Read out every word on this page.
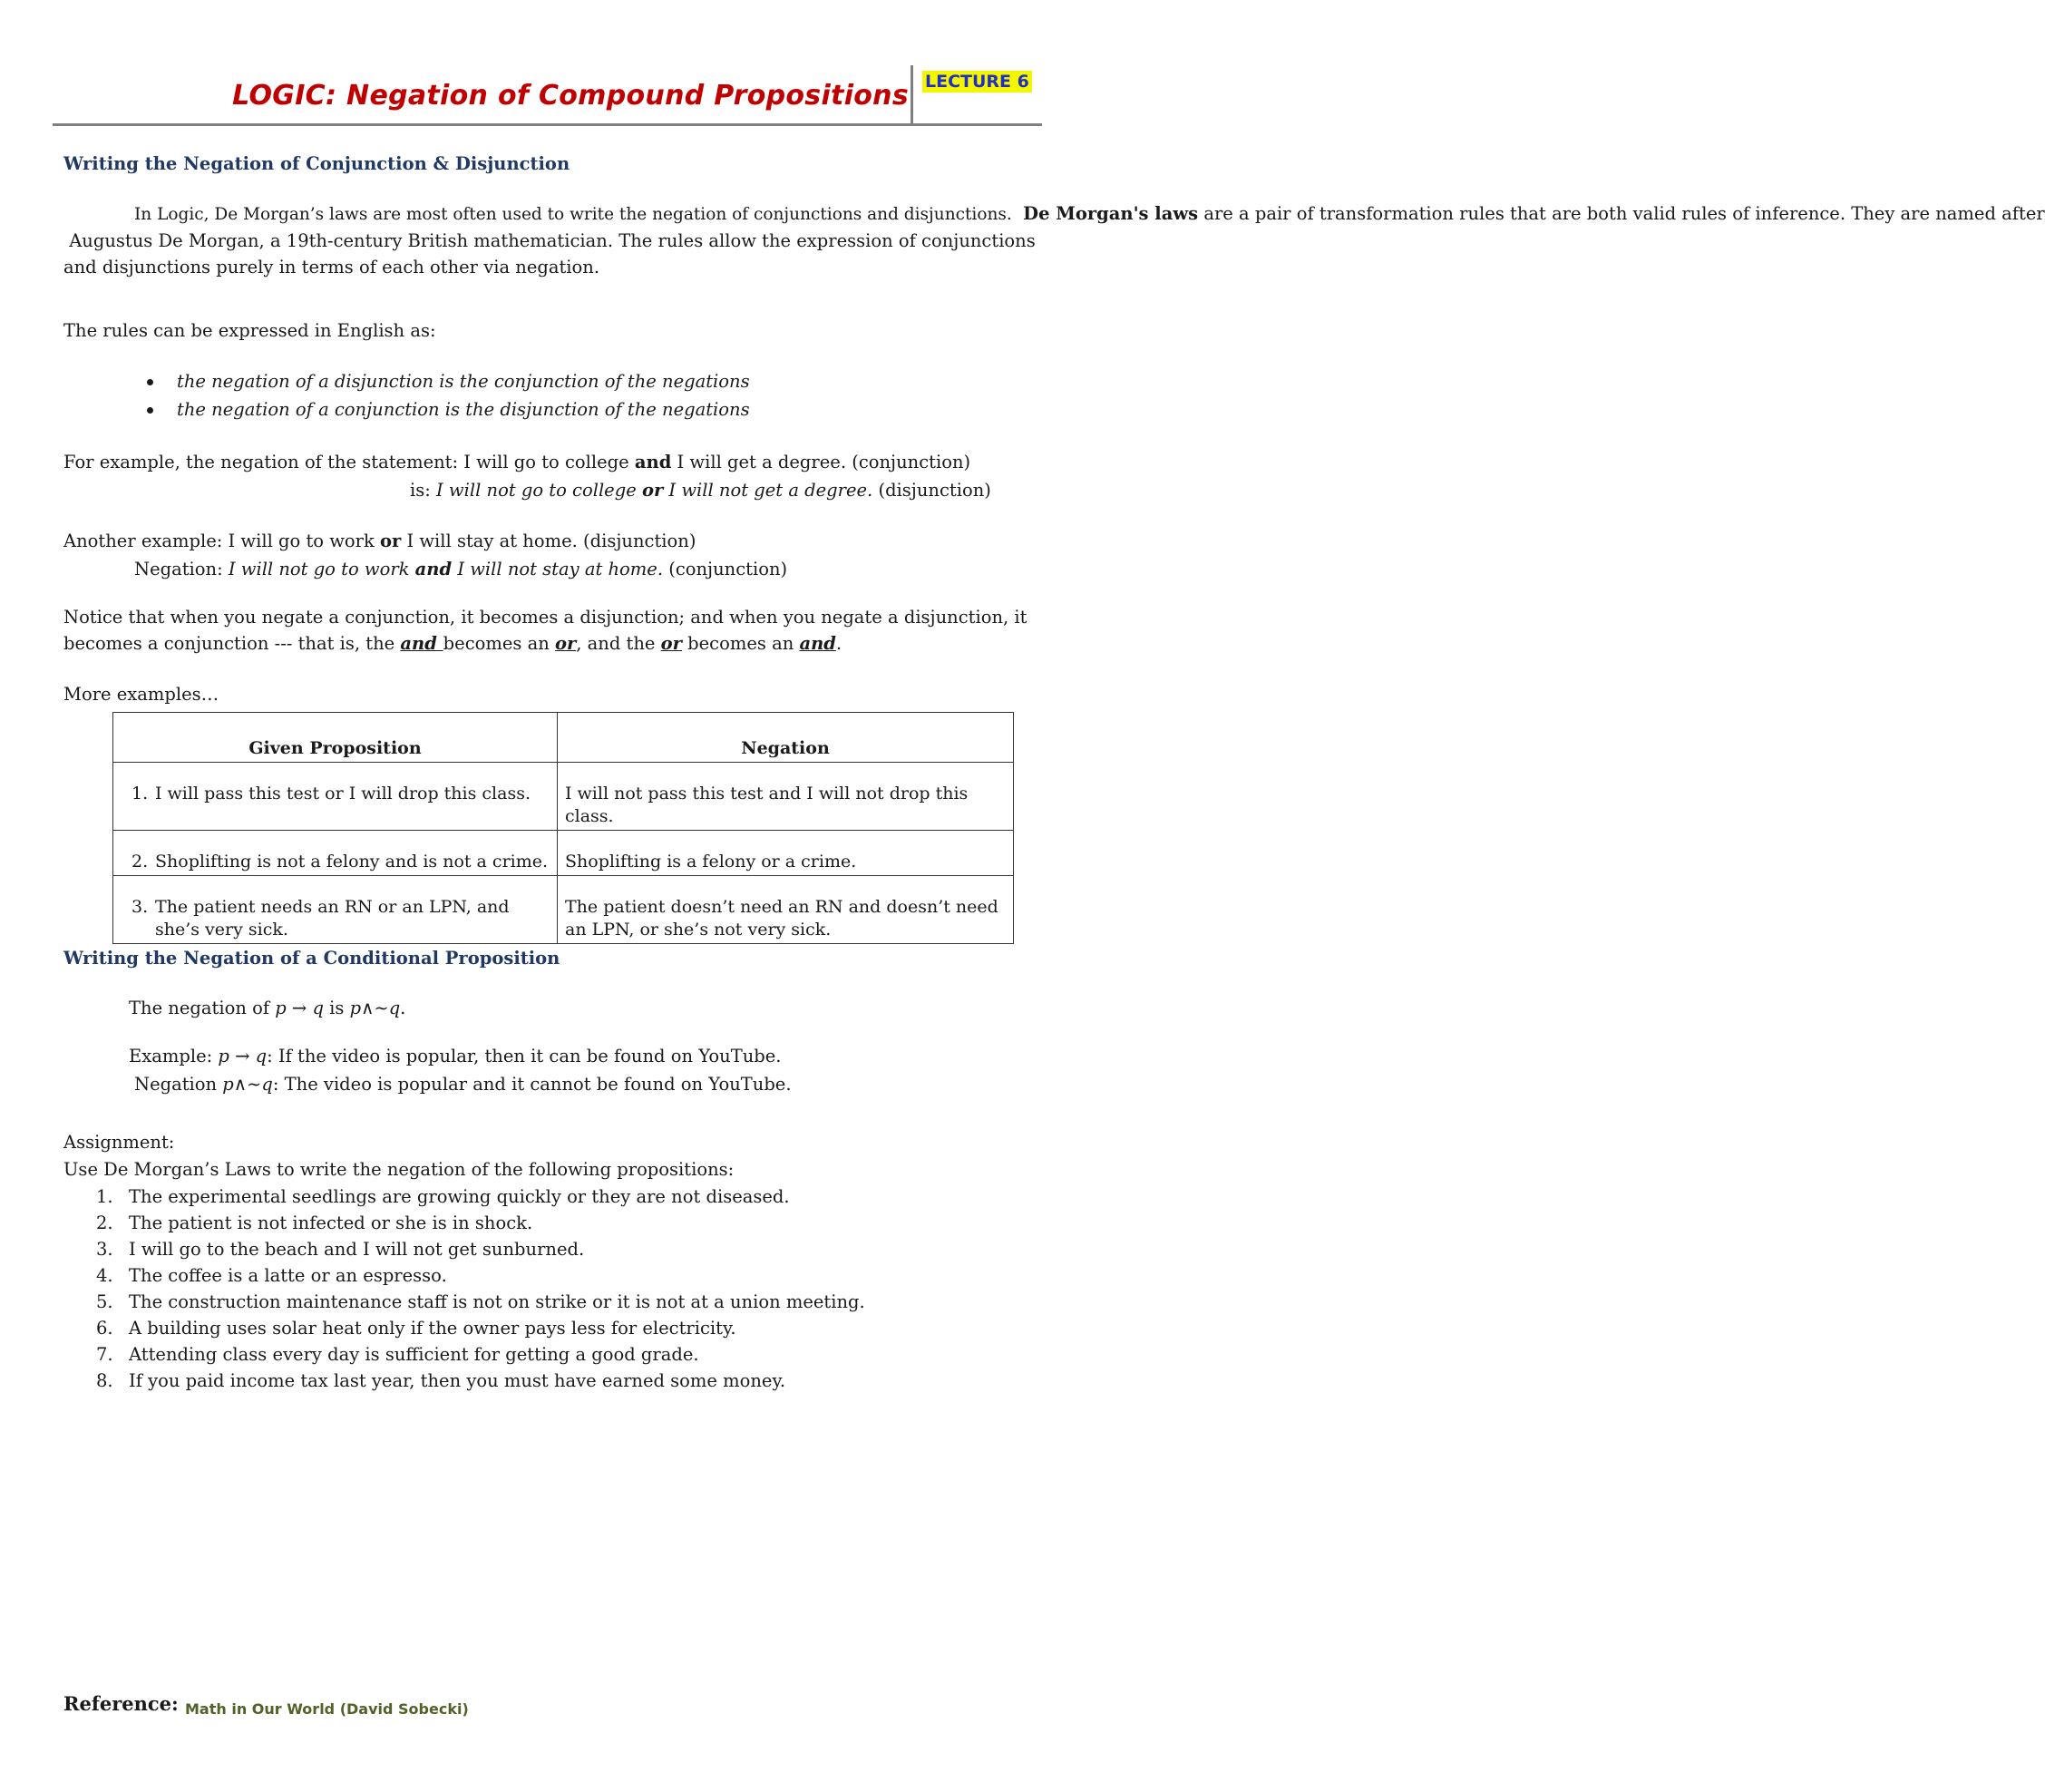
LOGIC: Negation of Compound Propositions LECTURE 6
Writing the Negation of Conjunction & Disjunction
In Logic, De Morgan’s laws are most often used to write the negation of conjunctions and disjunctions. De Morgan's laws are a pair of transformation rules that are both valid rules of inference. They are named after
Augustus De Morgan, a 19th-century British mathematician. The rules allow the expression of conjunctions
and disjunctions purely in terms of each other via negation.
The rules can be expressed in English as:
the negation of a disjunction is the conjunction of the negations
the negation of a conjunction is the disjunction of the negations
For example, the negation of the statement: I will go to college and I will get a degree. (conjunction)
is: I will not go to college or I will not get a degree. (disjunction)
Another example: I will go to work or I will stay at home. (disjunction)
Negation: I will not go to work and I will not stay at home. (conjunction)
Notice that when you negate a conjunction, it becomes a disjunction; and when you negate a disjunction, it
becomes a conjunction --- that is, the and becomes an or, and the or becomes an and.
More examples…
Given Proposition	Negation

1. I will pass this test or I will drop this class.	I will not pass this test and I will not drop this class.

2. Shoplifting is not a felony and is not a crime.	Shoplifting is a felony or a crime.

3. The patient needs an RN or an LPN, and she’s very sick.	The patient doesn’t need an RN and doesn’t need an LPN, or she’s not very sick.
Writing the Negation of a Conditional Proposition
The negation of p → q is p∧∼q.
Example: p → q: If the video is popular, then it can be found on YouTube.
Negation p∧∼q: The video is popular and it cannot be found on YouTube.
Assignment:
Use De Morgan’s Laws to write the negation of the following propositions:
1. The experimental seedlings are growing quickly or they are not diseased.
2. The patient is not infected or she is in shock.
3. I will go to the beach and I will not get sunburned.
4. The coffee is a latte or an espresso.
5. The construction maintenance staff is not on strike or it is not at a union meeting.
6. A building uses solar heat only if the owner pays less for electricity.
7. Attending class every day is sufficient for getting a good grade.
8. If you paid income tax last year, then you must have earned some money.
Reference: Math in Our World (David Sobecki)
